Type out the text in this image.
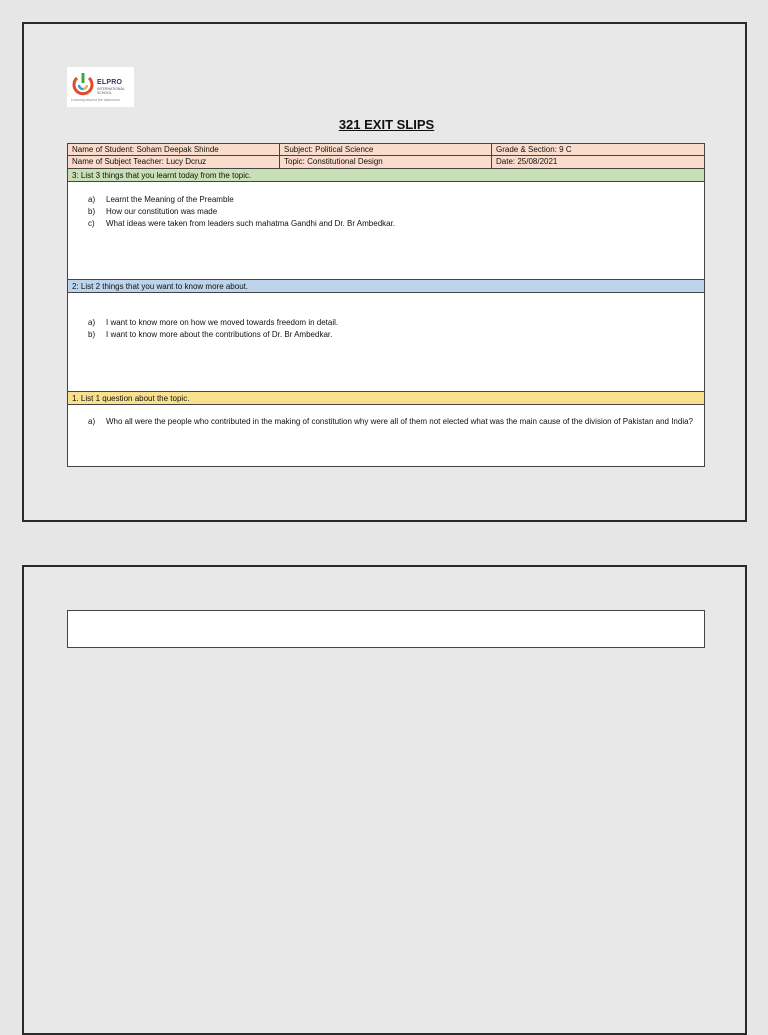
ELPRO
INTERNATIONAL SCHOOL
Learning beyond the classroom
321 EXIT SLIPS
Name of Student: Soham Deepak Shinde	Subject: Political Science	Grade & Section: 9 C
Name of Subject Teacher: Lucy Dcruz	Topic: Constitutional Design	Date: 25/08/2021
3: List 3 things that you learnt today from the topic.
a)	Learnt the Meaning of the Preamble
b)	How our constitution was made
c)	What ideas were taken from leaders such mahatma Gandhi and Dr. Br Ambedkar.
2: List 2 things that you want to know more about.
a)	I want to know more on how we moved towards freedom in detail.
b)	I want to know more about the contributions of Dr. Br Ambedkar.
1. List 1 question about the topic.
a)	Who all were the people who contributed in the making of constitution why were all of them not elected what was the main cause of the division of Pakistan and India?
